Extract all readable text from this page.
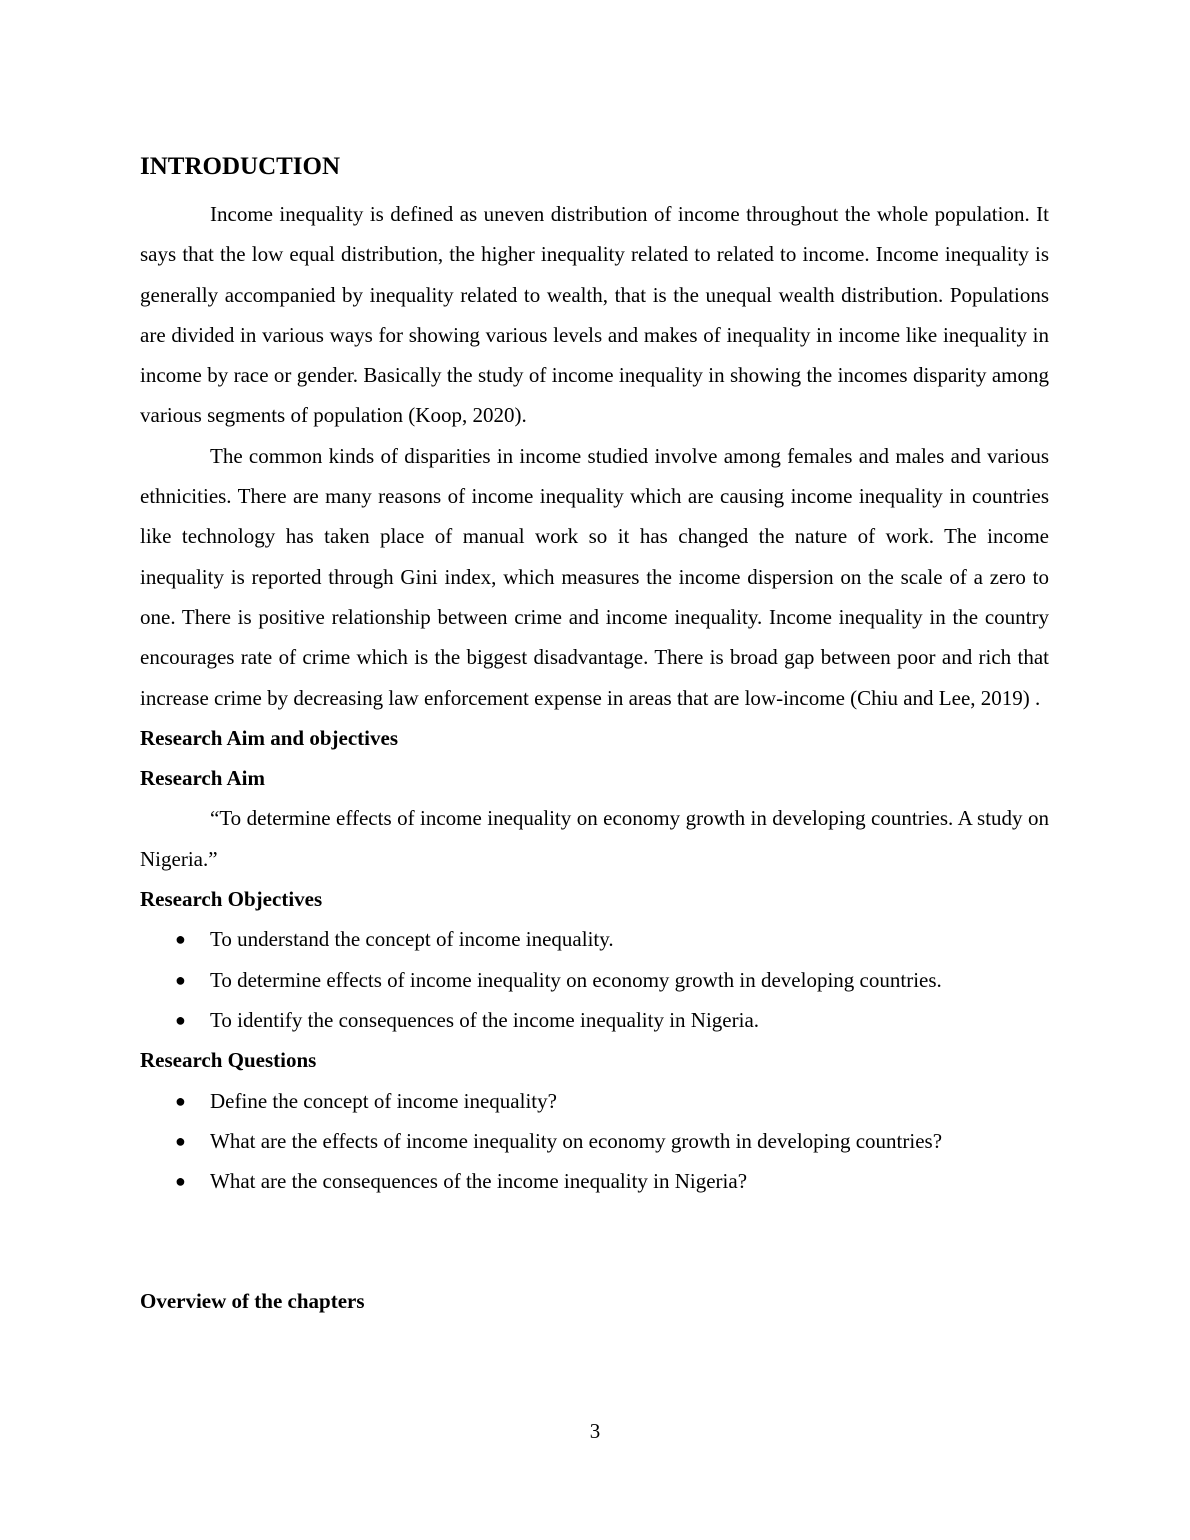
INTRODUCTION

Income inequality is defined as uneven distribution of income throughout the whole population. It says that the low equal distribution, the higher inequality related to related to income. Income inequality is generally accompanied by inequality related to wealth, that is the unequal wealth distribution. Populations are divided in various ways for showing various levels and makes of inequality in income like inequality in income by race or gender. Basically the study of income inequality in showing the incomes disparity among various segments of population (Koop, 2020).

The common kinds of disparities in income studied involve among females and males and various ethnicities. There are many reasons of income inequality which are causing income inequality in countries like technology has taken place of manual work so it has changed the nature of work. The income inequality is reported through Gini index, which measures the income dispersion on the scale of a zero to one. There is positive relationship between crime and income inequality. Income inequality in the country encourages rate of crime which is the biggest disadvantage. There is broad gap between poor and rich that increase crime by decreasing law enforcement expense in areas that are low-income (Chiu and Lee, 2019) .

Research Aim and objectives
Research Aim

“To determine effects of income inequality on economy growth in developing countries. A study on Nigeria.”

Research Objectives
● To understand the concept of income inequality.
● To determine effects of income inequality on economy growth in developing countries.
● To identify the consequences of the income inequality in Nigeria.
Research Questions
● Define the concept of income inequality?
● What are the effects of income inequality on economy growth in developing countries?
● What are the consequences of the income inequality in Nigeria?
Overview of the chapters
3
